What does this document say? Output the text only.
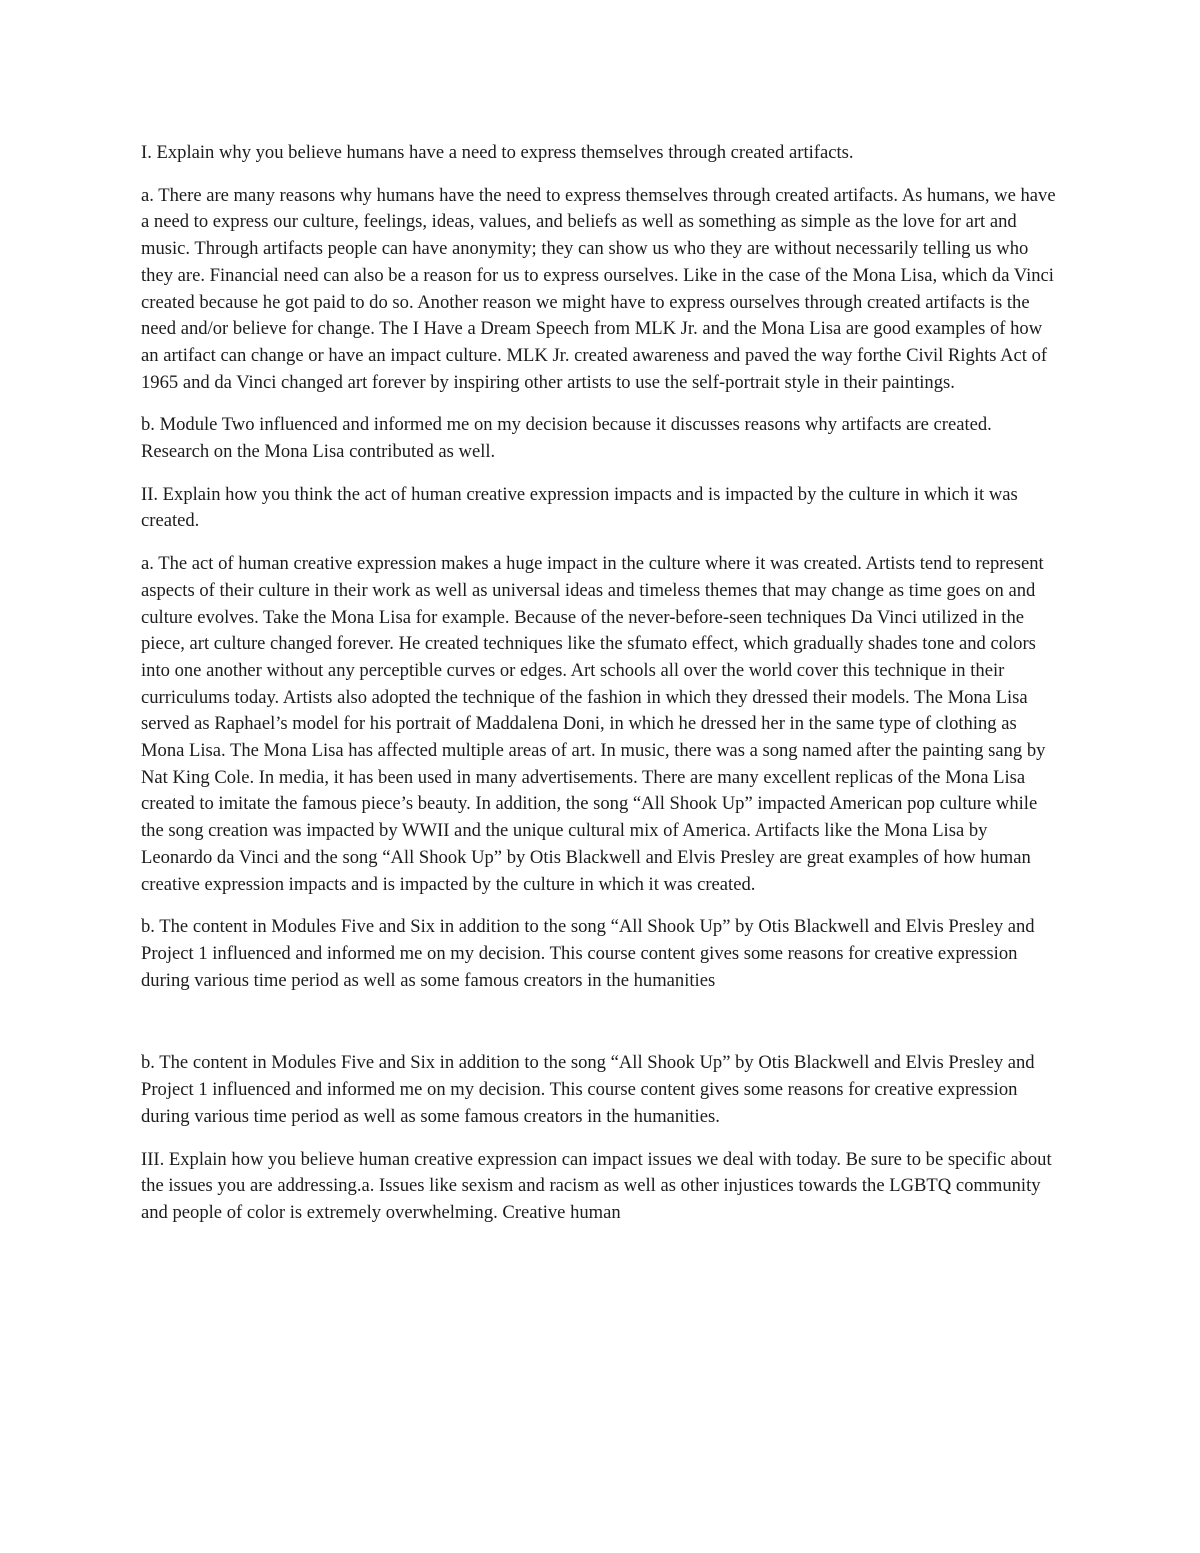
I. Explain why you believe humans have a need to express themselves through created artifacts.

a. There are many reasons why humans have the need to express themselves through created artifacts. As humans, we have a need to express our culture, feelings, ideas, values, and beliefs as well as something as simple as the love for art and music. Through artifacts people can have anonymity; they can show us who they are without necessarily telling us who they are. Financial need can also be a reason for us to express ourselves. Like in the case of the Mona Lisa, which da Vinci created because he got paid to do so. Another reason we might have to express ourselves through created artifacts is the need and/or believe for change. The I Have a Dream Speech from MLK Jr. and the Mona Lisa are good examples of how an artifact can change or have an impact culture. MLK Jr. created awareness and paved the way forthe Civil Rights Act of 1965 and da Vinci changed art forever by inspiring other artists to use the self-portrait style in their paintings.

b. Module Two influenced and informed me on my decision because it discusses reasons why artifacts are created. Research on the Mona Lisa contributed as well.

II. Explain how you think the act of human creative expression impacts and is impacted by the culture in which it was created.

a. The act of human creative expression makes a huge impact in the culture where it was created. Artists tend to represent aspects of their culture in their work as well as universal ideas and timeless themes that may change as time goes on and culture evolves. Take the Mona Lisa for example. Because of the never-before-seen techniques Da Vinci utilized in the piece, art culture changed forever. He created techniques like the sfumato effect, which gradually shades tone and colors into one another without any perceptible curves or edges. Art schools all over the world cover this technique in their curriculums today. Artists also adopted the technique of the fashion in which they dressed their models. The Mona Lisa served as Raphael’s model for his portrait of Maddalena Doni, in which he dressed her in the same type of clothing as Mona Lisa. The Mona Lisa has affected multiple areas of art. In music, there was a song named after the painting sang by Nat King Cole. In media, it has been used in many advertisements. There are many excellent replicas of the Mona Lisa created to imitate the famous piece’s beauty. In addition, the song “All Shook Up” impacted American pop culture while the song creation was impacted by WWII and the unique cultural mix of America. Artifacts like the Mona Lisa by Leonardo da Vinci and the song “All Shook Up” by Otis Blackwell and Elvis Presley are great examples of how human creative expression impacts and is impacted by the culture in which it was created.

b. The content in Modules Five and Six in addition to the song “All Shook Up” by Otis Blackwell and Elvis Presley and Project 1 influenced and informed me on my decision. This course content gives some reasons for creative expression during various time period as well as some famous creators in the humanities

b. The content in Modules Five and Six in addition to the song “All Shook Up” by Otis Blackwell and Elvis Presley and Project 1 influenced and informed me on my decision. This course content gives some reasons for creative expression during various time period as well as some famous creators in the humanities.

III. Explain how you believe human creative expression can impact issues we deal with today. Be sure to be specific about the issues you are addressing.a. Issues like sexism and racism as well as other injustices towards the LGBTQ community and people of color is extremely overwhelming. Creative human
